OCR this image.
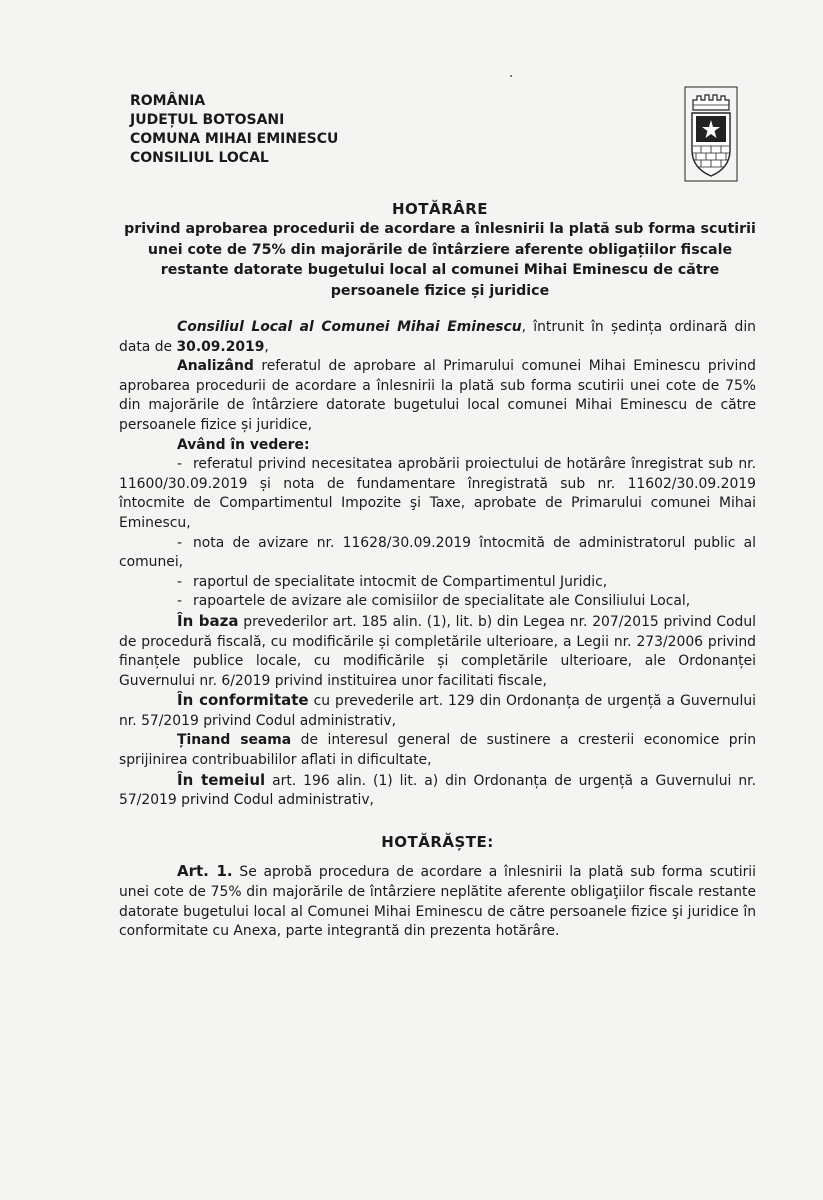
ROMÂNIA
JUDEȚUL BOTOSANI
COMUNA MIHAI EMINESCU
CONSILIUL LOCAL
HOTĂRÂRE
privind aprobarea procedurii de acordare a înlesnirii la plată sub forma scutirii unei cote de 75% din majorările de întârziere aferente obligațiilor fiscale restante datorate bugetului local al comunei Mihai Eminescu de către persoanele fizice și juridice

Consiliul Local al Comunei Mihai Eminescu, întrunit în ședința ordinară din data de 30.09.2019,

Analizând referatul de aprobare al Primarului comunei Mihai Eminescu privind aprobarea procedurii de acordare a înlesnirii la plată sub forma scutirii unei cote de 75% din majorările de întârziere datorate bugetului local comunei Mihai Eminescu de către persoanele fizice și juridice,

Având în vedere:

- referatul privind necesitatea aprobării proiectului de hotărâre înregistrat sub nr. 11600/30.09.2019 și nota de fundamentare înregistrată sub nr. 11602/30.09.2019 întocmite de Compartimentul Impozite şi Taxe, aprobate de Primarului comunei Mihai Eminescu,

- nota de avizare nr. 11628/30.09.2019 întocmită de administratorul public al comunei,

- raportul de specialitate intocmit de Compartimentul Juridic,

- rapoartele de avizare ale comisiilor de specialitate ale Consiliului Local,

În baza prevederilor art. 185 alin. (1), lit. b) din Legea nr. 207/2015 privind Codul de procedură fiscală, cu modificările și completările ulterioare, a Legii nr. 273/2006 privind finanțele publice locale, cu modificările și completările ulterioare, ale Ordonanței Guvernului nr. 6/2019 privind instituirea unor facilitati fiscale,

În conformitate cu prevederile art. 129 din Ordonanța de urgență a Guvernului nr. 57/2019 privind Codul administrativ,

Ținand seama de interesul general de sustinere a cresterii economice prin sprijinirea contribuabililor aflati in dificultate,

În temeiul art. 196 alin. (1) lit. a) din Ordonanța de urgență a Guvernului nr. 57/2019 privind Codul administrativ,

HOTĂRĂȘTE:

Art. 1. Se aprobă procedura de acordare a înlesnirii la plată sub forma scutirii unei cote de 75% din majorările de întârziere neplătite aferente obligaţiilor fiscale restante datorate bugetului local al Comunei Mihai Eminescu de către persoanele fizice şi juridice în conformitate cu Anexa, parte integrantă din prezenta hotărâre.
